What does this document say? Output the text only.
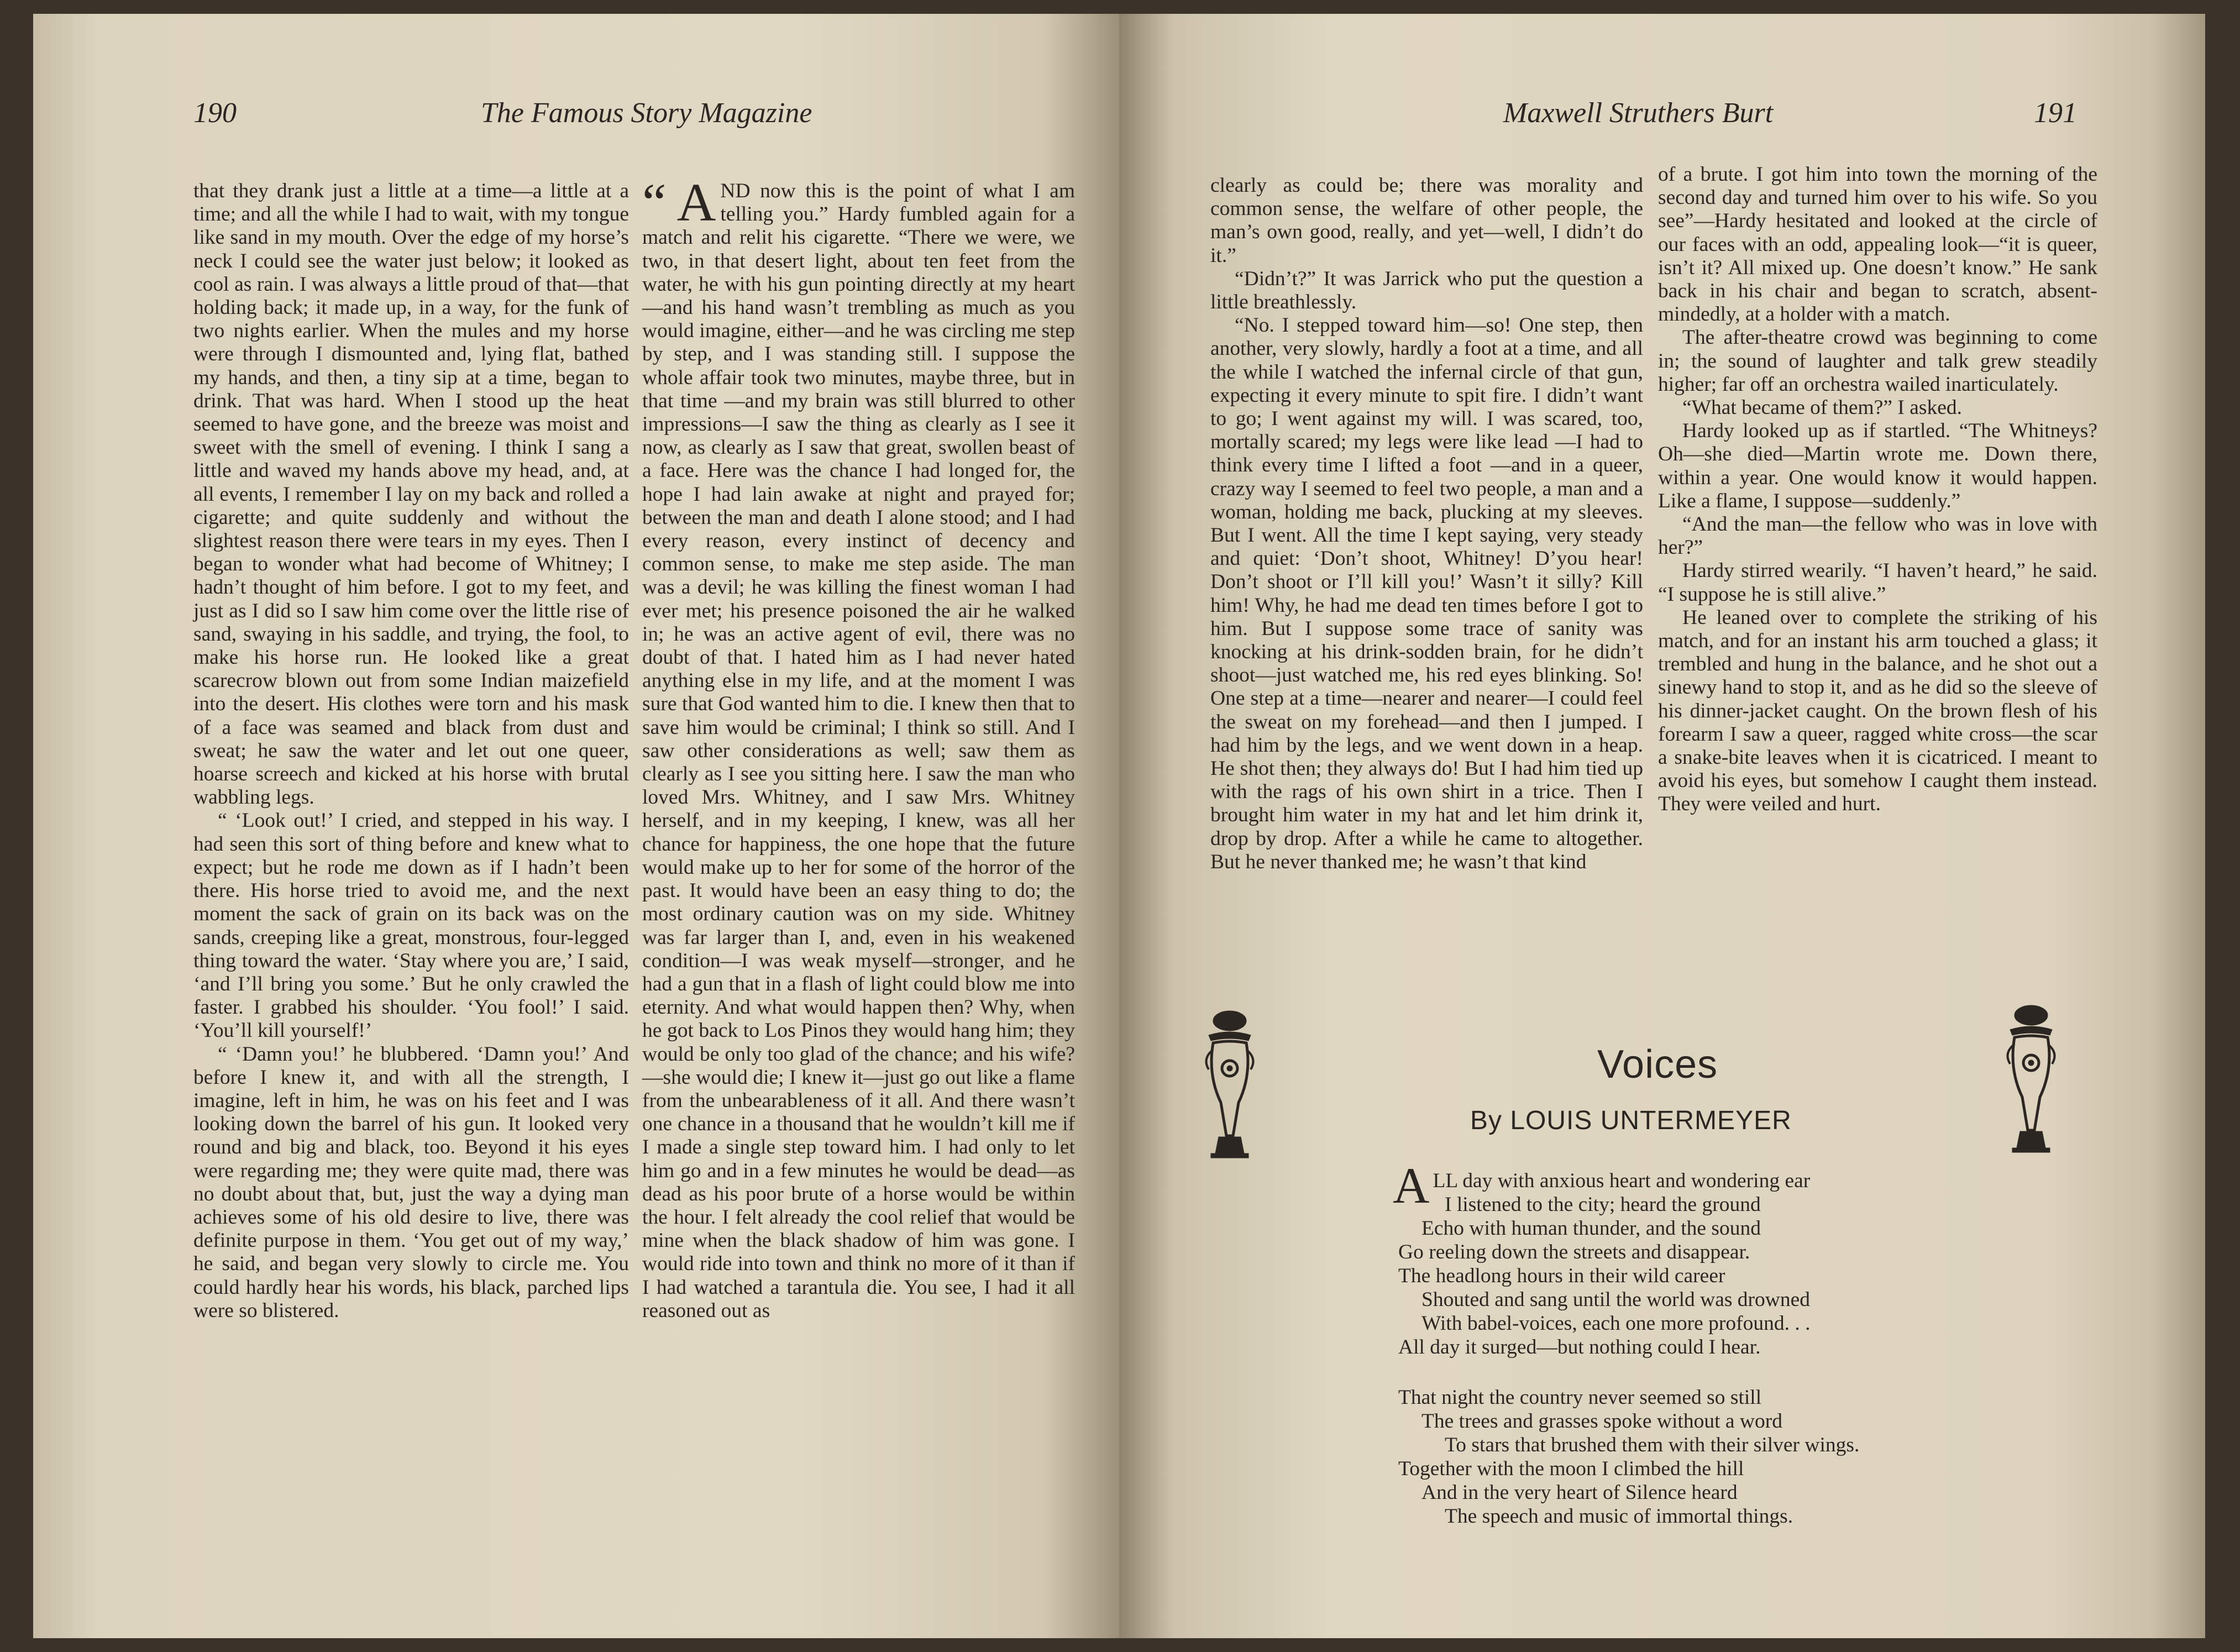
190	The Famous Story Magazine

that they drank just a little at a time—a little at a time; and all the while I had to wait, with my tongue like sand in my mouth. Over the edge of my horse’s neck I could see the water just below; it looked as cool as rain. I was always a little proud of that—that holding back; it made up, in a way, for the funk of two nights earlier. When the mules and my horse were through I dismounted and, lying flat, bathed my hands, and then, a tiny sip at a time, began to drink. That was hard. When I stood up the heat seemed to have gone, and the breeze was moist and sweet with the smell of evening. I think I sang a little and waved my hands above my head, and, at all events, I remember I lay on my back and rolled a cigarette; and quite suddenly and without the slightest reason there were tears in my eyes. Then I began to wonder what had become of Whitney; I hadn’t thought of him before. I got to my feet, and just as I did so I saw him come over the little rise of sand, swaying in his saddle, and trying, the fool, to make his horse run. He looked like a great scarecrow blown out from some Indian maizefield into the desert. His clothes were torn and his mask of a face was seamed and black from dust and sweat; he saw the water and let out one queer, hoarse screech and kicked at his horse with brutal wabbling legs.

“ ‘Look out!’ I cried, and stepped in his way. I had seen this sort of thing before and knew what to expect; but he rode me down as if I hadn’t been there. His horse tried to avoid me, and the next moment the sack of grain on its back was on the sands, creeping like a great, monstrous, four-legged thing toward the water. ‘Stay where you are,’ I said, ‘and I’ll bring you some.’ But he only crawled the faster. I grabbed his shoulder. ‘You fool!’ I said. ‘You’ll kill yourself!’

“ ‘Damn you!’ he blubbered. ‘Damn you!’ And before I knew it, and with all the strength, I imagine, left in him, he was on his feet and I was looking down the barrel of his gun. It looked very round and big and black, too. Beyond it his eyes were regarding me; they were quite mad, there was no doubt about that, but, just the way a dying man achieves some of his old desire to live, there was definite purpose in them. ‘You get out of my way,’ he said, and began very slowly to circle me. You could hardly hear his words, his black, parched lips were so blistered.

“ A ND now this is the point of what I am telling you.” Hardy fumbled again for a match and relit his cigarette. “There we were, we two, in that desert light, about ten feet from the water, he with his gun pointing directly at my heart —and his hand wasn’t trembling as much as you would imagine, either—and he was circling me step by step, and I was standing still. I suppose the whole affair took two minutes, maybe three, but in that time —and my brain was still blurred to other impressions—I saw the thing as clearly as I see it now, as clearly as I saw that great, swollen beast of a face. Here was the chance I had longed for, the hope I had lain awake at night and prayed for; between the man and death I alone stood; and I had every reason, every instinct of decency and common sense, to make me step aside. The man was a devil; he was killing the finest woman I had ever met; his presence poisoned the air he walked in; he was an active agent of evil, there was no doubt of that. I hated him as I had never hated anything else in my life, and at the moment I was sure that God wanted him to die. I knew then that to save him would be criminal; I think so still. And I saw other considerations as well; saw them as clearly as I see you sitting here. I saw the man who loved Mrs. Whitney, and I saw Mrs. Whitney herself, and in my keeping, I knew, was all her chance for happiness, the one hope that the future would make up to her for some of the horror of the past. It would have been an easy thing to do; the most ordinary caution was on my side. Whitney was far larger than I, and, even in his weakened condition—I was weak myself—stronger, and he had a gun that in a flash of light could blow me into eternity. And what would happen then? Why, when he got back to Los Pinos they would hang him; they would be only too glad of the chance; and his wife?—she would die; I knew it—just go out like a flame from the unbearableness of it all. And there wasn’t one chance in a thousand that he wouldn’t kill me if I made a single step toward him. I had only to let him go and in a few minutes he would be dead—as dead as his poor brute of a horse would be within the hour. I felt already the cool relief that would be mine when the black shadow of him was gone. I would ride into town and think no more of it than if I had watched a tarantula die. You see, I had it all reasoned out as

Maxwell Struthers Burt	191

clearly as could be; there was morality and common sense, the welfare of other people, the man’s own good, really, and yet—well, I didn’t do it.”

“Didn’t?” It was Jarrick who put the question a little breathlessly.

“No. I stepped toward him—so! One step, then another, very slowly, hardly a foot at a time, and all the while I watched the infernal circle of that gun, expecting it every minute to spit fire. I didn’t want to go; I went against my will. I was scared, too, mortally scared; my legs were like lead —I had to think every time I lifted a foot —and in a queer, crazy way I seemed to feel two people, a man and a woman, holding me back, plucking at my sleeves. But I went. All the time I kept saying, very steady and quiet: ‘Don’t shoot, Whitney! D’you hear! Don’t shoot or I’ll kill you!’ Wasn’t it silly? Kill him! Why, he had me dead ten times before I got to him. But I suppose some trace of sanity was knocking at his drink-sodden brain, for he didn’t shoot—just watched me, his red eyes blinking. So! One step at a time—nearer and nearer—I could feel the sweat on my forehead—and then I jumped. I had him by the legs, and we went down in a heap. He shot then; they always do! But I had him tied up with the rags of his own shirt in a trice. Then I brought him water in my hat and let him drink it, drop by drop. After a while he came to altogether. But he never thanked me; he wasn’t that kind

of a brute. I got him into town the morning of the second day and turned him over to his wife. So you see”—Hardy hesitated and looked at the circle of our faces with an odd, appealing look—“it is queer, isn’t it? All mixed up. One doesn’t know.” He sank back in his chair and began to scratch, absent-mindedly, at a holder with a match.

The after-theatre crowd was beginning to come in; the sound of laughter and talk grew steadily higher; far off an orchestra wailed inarticulately.

“What became of them?” I asked.

Hardy looked up as if startled. “The Whitneys? Oh—she died—Martin wrote me. Down there, within a year. One would know it would happen. Like a flame, I suppose—suddenly.”

“And the man—the fellow who was in love with her?”

Hardy stirred wearily. “I haven’t heard,” he said. “I suppose he is still alive.”

He leaned over to complete the striking of his match, and for an instant his arm touched a glass; it trembled and hung in the balance, and he shot out a sinewy hand to stop it, and as he did so the sleeve of his dinner-jacket caught. On the brown flesh of his forearm I saw a queer, ragged white cross—the scar a snake-bite leaves when it is cicatriced. I meant to avoid his eyes, but somehow I caught them instead. They were veiled and hurt.

Voices
By LOUIS UNTERMEYER
ALL day with anxious heart and wondering ear
I listened to the city; heard the ground
Echo with human thunder, and the sound
Go reeling down the streets and disappear.
The headlong hours in their wild career
Shouted and sang until the world was drowned
With babel-voices, each one more profound. . .
All day it surged—but nothing could I hear.
That night the country never seemed so still
The trees and grasses spoke without a word
To stars that brushed them with their silver wings.
Together with the moon I climbed the hill
And in the very heart of Silence heard
The speech and music of immortal things.
